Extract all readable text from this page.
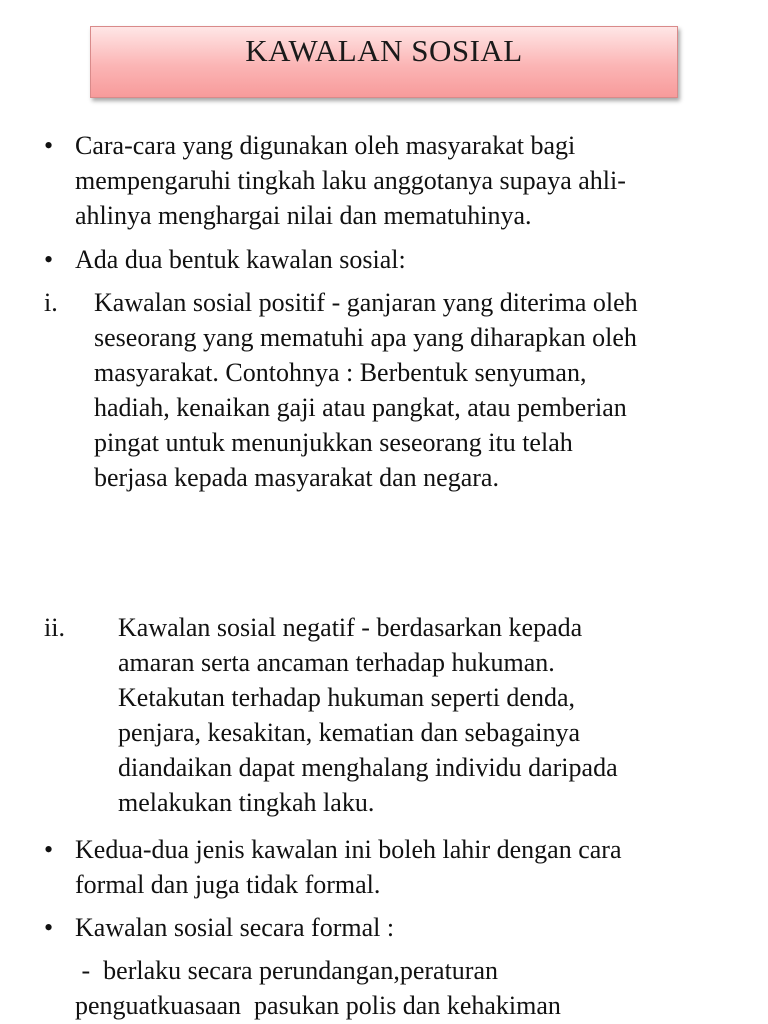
KAWALAN SOSIAL
• Cara-cara yang digunakan oleh masyarakat bagi
mempengaruhi tingkah laku anggotanya supaya ahli-
ahlinya menghargai nilai dan mematuhinya.
• Ada dua bentuk kawalan sosial:
i. Kawalan sosial positif - ganjaran yang diterima oleh
seseorang yang mematuhi apa yang diharapkan oleh
masyarakat. Contohnya : Berbentuk senyuman,
hadiah, kenaikan gaji atau pangkat, atau pemberian
pingat untuk menunjukkan seseorang itu telah
berjasa kepada masyarakat dan negara.
ii. Kawalan sosial negatif - berdasarkan kepada
amaran serta ancaman terhadap hukuman.
Ketakutan terhadap hukuman seperti denda,
penjara, kesakitan, kematian dan sebagainya
diandaikan dapat menghalang individu daripada
melakukan tingkah laku.
• Kedua-dua jenis kawalan ini boleh lahir dengan cara
formal dan juga tidak formal.
• Kawalan sosial secara formal :
-  berlaku secara perundangan,peraturan
penguatkuasaan  pasukan polis dan kehakiman
